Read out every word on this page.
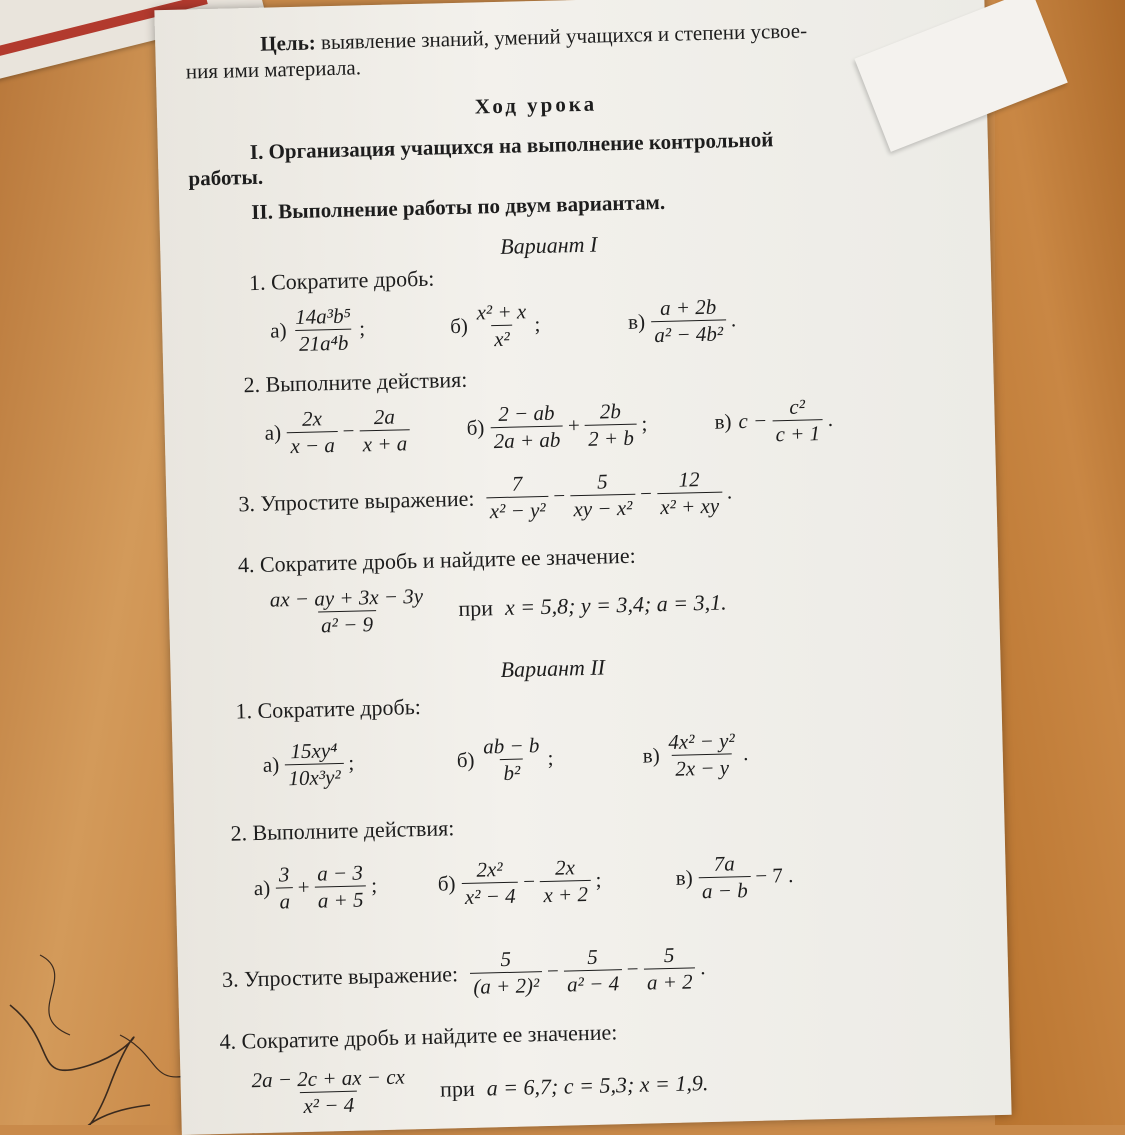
Цель: выявление знаний, умений учащихся и степени усвое-
ния ими материала.
Ход урока
I. Организация учащихся на выполнение контрольной
работы.
II. Выполнение работы по двум вариантам.
Вариант I
1. Сократите дробь:
$а) \frac{\text{14a³b⁵}}{\text{21a⁴b}}$ ;	$б) \frac{\text{x² + x}}{\text{x²}}$ ;	$в) \frac{a + 2b}{\text{a² − 4b²}}$ .
2. Выполните действия:
$а) \frac{2x}{x - a} - \frac{2a}{x + a}$	$б) \frac{2 - ab}{2a + ab} + \frac{2b}{2 + b}$ ;	в) $c - \frac{\text{c²}}{c + 1}$ .
3. Упростите выражение: $\frac{7}{\text{x² − y²}} - \frac{5}{\text{xy − x²}} - \frac{12}{\text{x² + xy}}$ .
4. Сократите дробь и найдите ее значение:
$\frac{ax - ay + 3x - 3y}{\text{a² − 9}}$ при x = 5,8; y = 3,4; a = 3,1.
Вариант II
1. Сократите дробь:
$а) \frac{\text{15xy⁴}}{\text{10x³y²}}$ ;	$б) \frac{ab - b}{\text{b²}}$ ;	$в) \frac{\text{4x² − y²}}{2x - y}$ .
2. Выполните действия:
$а) \frac{3}{a} + \frac{a - 3}{a + 5}$ ;	$б) \frac{\text{2x²}}{\text{x² − 4}} - \frac{2x}{x + 2}$ ;	$в) \frac{7a}{a - b} - 7$ .
3. Упростите выражение: $\frac{5}{\text{(a + 2)²}} - \frac{5}{\text{a² − 4}} - \frac{5}{a + 2}$ .
4. Сократите дробь и найдите ее значение:
$\frac{2a - 2c + ax - cx}{\text{x² − 4}}$ при a = 6,7; c = 5,3; x = 1,9.
